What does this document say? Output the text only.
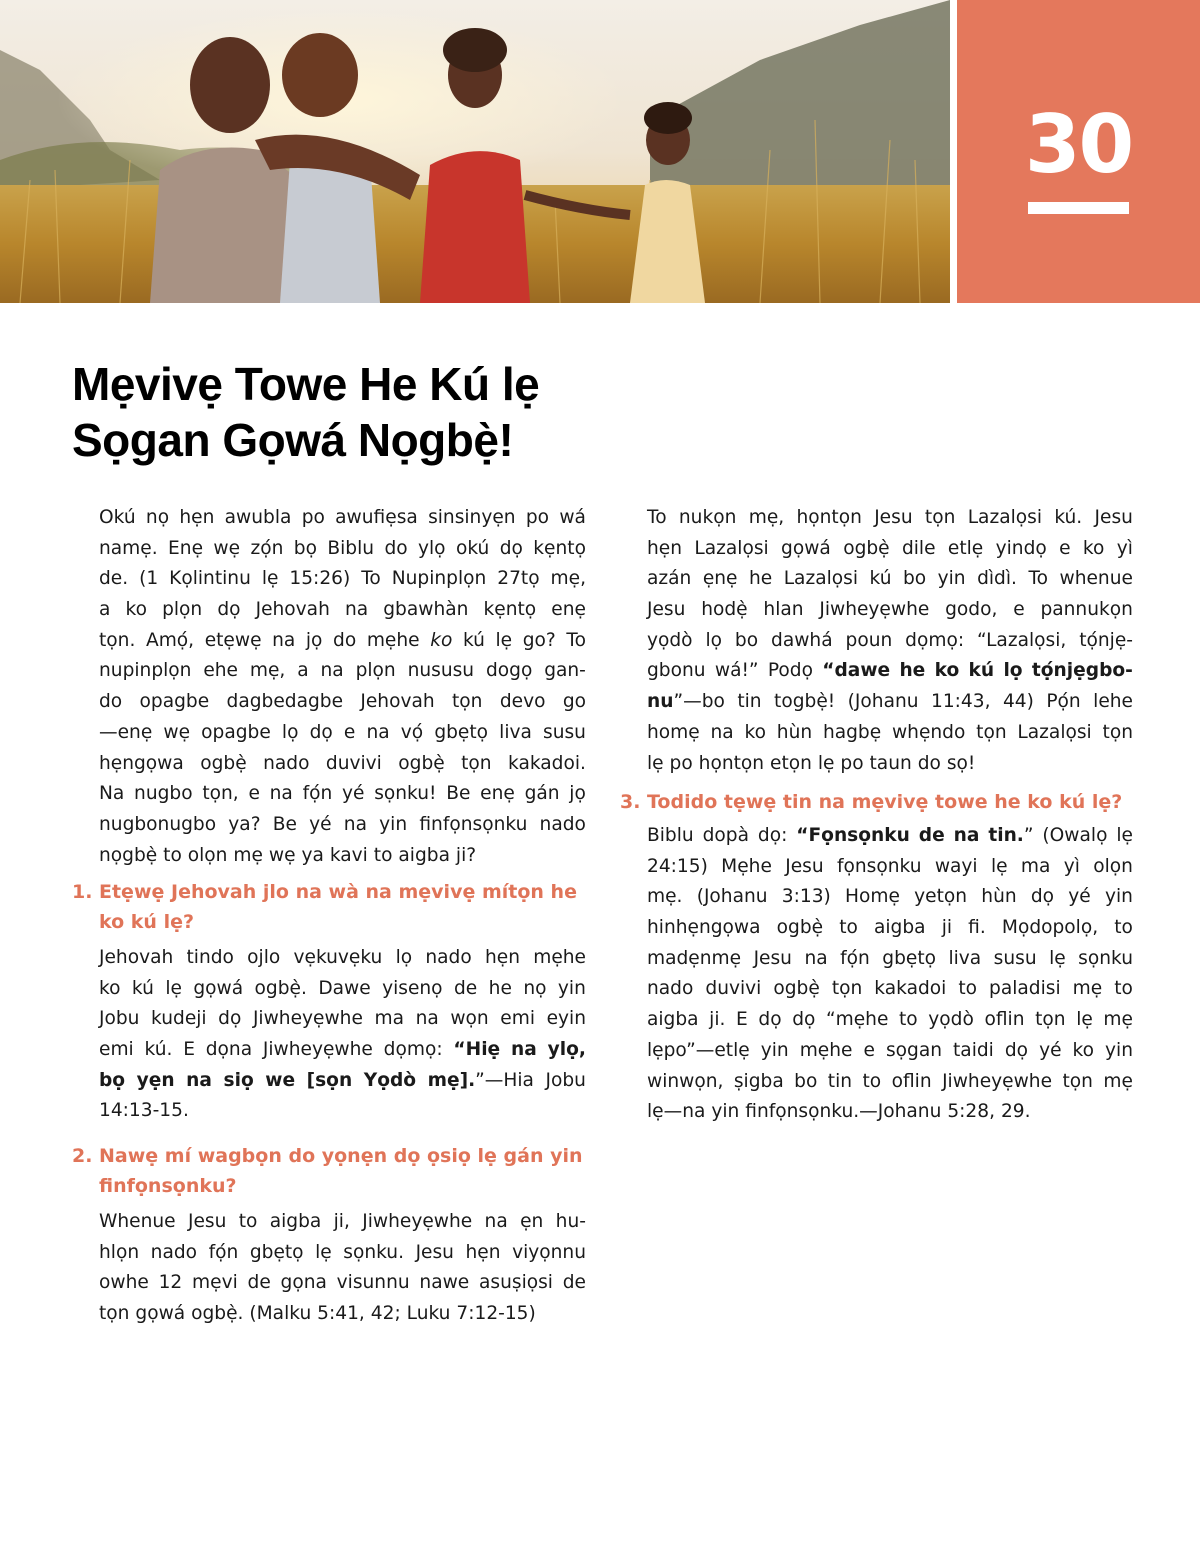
30
Mẹvivẹ Towe He Kú lẹ
Sọgan Gọwá Nọgbẹ̀!
Okú nọ hẹn awubla po awufiẹsa sinsinyẹn po wá
namẹ. Enẹ wẹ zọ́n bọ Biblu do ylọ okú dọ kẹntọ
de. (1 Kọlintinu lẹ 15:26) To Nupinplọn 27tọ mẹ,
a ko plọn dọ Jehovah na gbawhàn kẹntọ enẹ
tọn. Amọ́, etẹwẹ na jọ do mẹhe ko kú lẹ go? To
nupinplọn ehe mẹ, a na plọn nususu dogọ gan-
do opagbe dagbedagbe Jehovah tọn devo go
—enẹ wẹ opagbe lọ dọ e na vọ́ gbẹtọ liva susu
hẹngọwa ogbẹ̀ nado duvivi ogbẹ̀ tọn kakadoi.
Na nugbo tọn, e na fọ́n yé sọnku! Be enẹ gán jọ
nugbonugbo ya? Be yé na yin finfọnsọnku nado
nọgbẹ̀ to olọn mẹ wẹ ya kavi to aigba ji?
1. Etẹwẹ Jehovah jlo na wà na mẹvivẹ mítọn he
ko kú lẹ?
Jehovah tindo ojlo vẹkuvẹku lọ nado hẹn mẹhe
ko kú lẹ gọwá ogbẹ̀. Dawe yisenọ de he nọ yin
Jobu kudeji dọ Jiwheyẹwhe ma na wọn emi eyin
emi kú. E dọna Jiwheyẹwhe dọmọ: “Hiẹ na ylọ,
bọ yẹn na siọ we [sọn Yọdò mẹ].”—Hia Jobu
14:13-15.
2. Nawẹ mí wagbọn do yọnẹn dọ ọsiọ lẹ gán yin
finfọnsọnku?
Whenue Jesu to aigba ji, Jiwheyẹwhe na ẹn hu-
hlọn nado fọ́n gbẹtọ lẹ sọnku. Jesu hẹn viyọnnu
owhe 12 mẹvi de gọna visunnu nawe asuṣiọsi de
tọn gọwá ogbẹ̀. (Malku 5:41, 42; Luku 7:12-15)
To nukọn mẹ, họntọn Jesu tọn Lazalọsi kú. Jesu
hẹn Lazalọsi gọwá ogbẹ̀ dile etlẹ yindọ e ko yì
azán ẹnẹ he Lazalọsi kú bo yin dìdì. To whenue
Jesu hodẹ̀ hlan Jiwheyẹwhe godo, e pannukọn
yọdò lọ bo dawhá poun dọmọ: “Lazalọsi, tọ́njẹ-
gbonu wá!” Podọ “dawe he ko kú lọ tọ́njẹgbo-
nu”—bo tin togbẹ̀! (Johanu 11:43, 44) Pọ́n lehe
homẹ na ko hùn hagbẹ whẹndo tọn Lazalọsi tọn
lẹ po họntọn etọn lẹ po taun do sọ!
3. Todido tẹwẹ tin na mẹvivẹ towe he ko kú lẹ?
Biblu dopà dọ: “Fọnsọnku de na tin.” (Owalọ lẹ
24:15) Mẹhe Jesu fọnsọnku wayi lẹ ma yì olọn
mẹ. (Johanu 3:13) Homẹ yetọn hùn dọ yé yin
hinhẹngọwa ogbẹ̀ to aigba ji fi. Mọdopolọ, to
madẹnmẹ Jesu na fọ́n gbẹtọ liva susu lẹ sọnku
nado duvivi ogbẹ̀ tọn kakadoi to paladisi mẹ to
aigba ji. E dọ dọ “mẹhe to yọdò oflin tọn lẹ mẹ
lẹpo”—etlẹ yin mẹhe e sọgan taidi dọ yé ko yin
winwọn, ṣigba bo tin to oflin Jiwheyẹwhe tọn mẹ
lẹ—na yin finfọnsọnku.—Johanu 5:28, 29.
